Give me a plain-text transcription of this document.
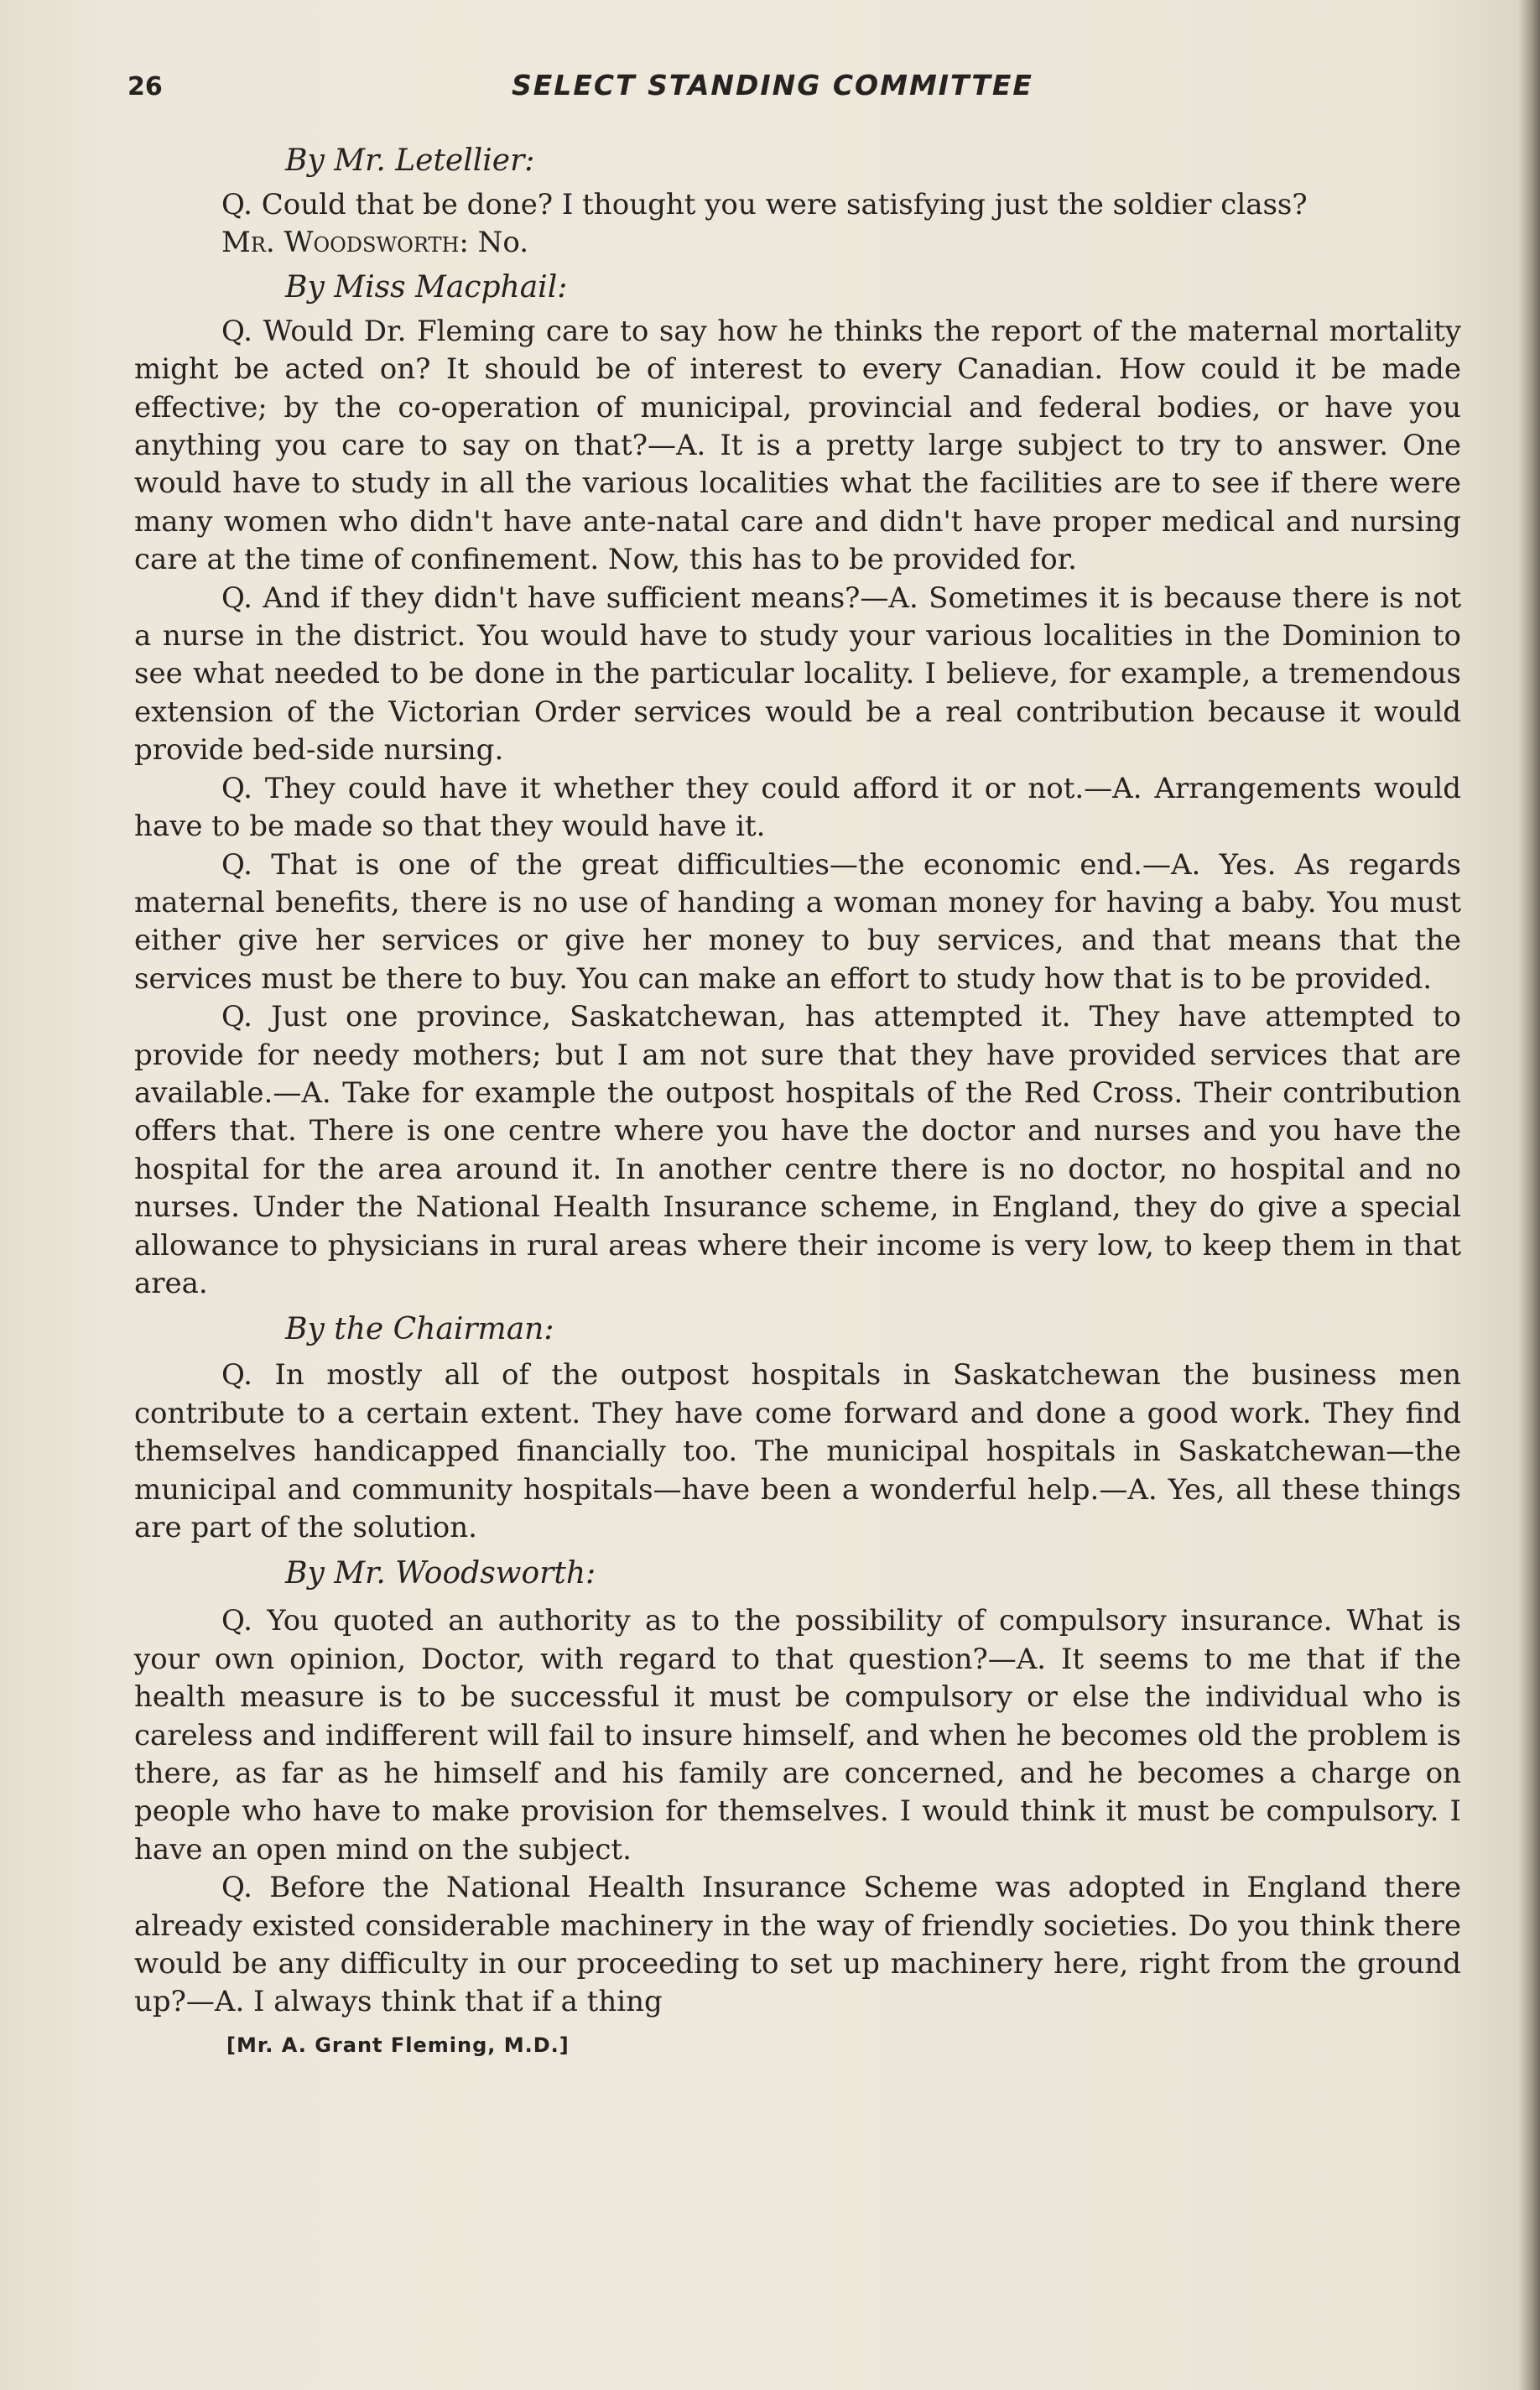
26	SELECT STANDING COMMITTEE

By Mr. Letellier:

Q. Could that be done? I thought you were satisfying just the soldier class?

Mr. Woodsworth: No.

By Miss Macphail:

Q. Would Dr. Fleming care to say how he thinks the report of the maternal mortality might be acted on? It should be of interest to every Canadian. How could it be made effective; by the co-operation of municipal, provincial and federal bodies, or have you anything you care to say on that?—A. It is a pretty large subject to try to answer. One would have to study in all the various localities what the facilities are to see if there were many women who didn't have ante-natal care and didn't have proper medical and nursing care at the time of confinement. Now, this has to be provided for.

Q. And if they didn't have sufficient means?—A. Sometimes it is because there is not a nurse in the district. You would have to study your various localities in the Dominion to see what needed to be done in the particular locality. I believe, for example, a tremendous extension of the Victorian Order services would be a real contribution because it would provide bed-side nursing.

Q. They could have it whether they could afford it or not.—A. Arrangements would have to be made so that they would have it.

Q. That is one of the great difficulties—the economic end.—A. Yes. As regards maternal benefits, there is no use of handing a woman money for having a baby. You must either give her services or give her money to buy services, and that means that the services must be there to buy. You can make an effort to study how that is to be provided.

Q. Just one province, Saskatchewan, has attempted it. They have attempted to provide for needy mothers; but I am not sure that they have provided services that are available.—A. Take for example the outpost hospitals of the Red Cross. Their contribution offers that. There is one centre where you have the doctor and nurses and you have the hospital for the area around it. In another centre there is no doctor, no hospital and no nurses. Under the National Health Insurance scheme, in England, they do give a special allowance to physicians in rural areas where their income is very low, to keep them in that area.

By the Chairman:

Q. In mostly all of the outpost hospitals in Saskatchewan the business men contribute to a certain extent. They have come forward and done a good work. They find themselves handicapped financially too. The municipal hospitals in Saskatchewan—the municipal and community hospitals—have been a wonderful help.—A. Yes, all these things are part of the solution.

By Mr. Woodsworth:

Q. You quoted an authority as to the possibility of compulsory insurance. What is your own opinion, Doctor, with regard to that question?—A. It seems to me that if the health measure is to be successful it must be compulsory or else the individual who is careless and indifferent will fail to insure himself, and when he becomes old the problem is there, as far as he himself and his family are concerned, and he becomes a charge on people who have to make provision for themselves. I would think it must be compulsory. I have an open mind on the subject.

Q. Before the National Health Insurance Scheme was adopted in England there already existed considerable machinery in the way of friendly societies. Do you think there would be any difficulty in our proceeding to set up machinery here, right from the ground up?—A. I always think that if a thing

[Mr. A. Grant Fleming, M.D.]
